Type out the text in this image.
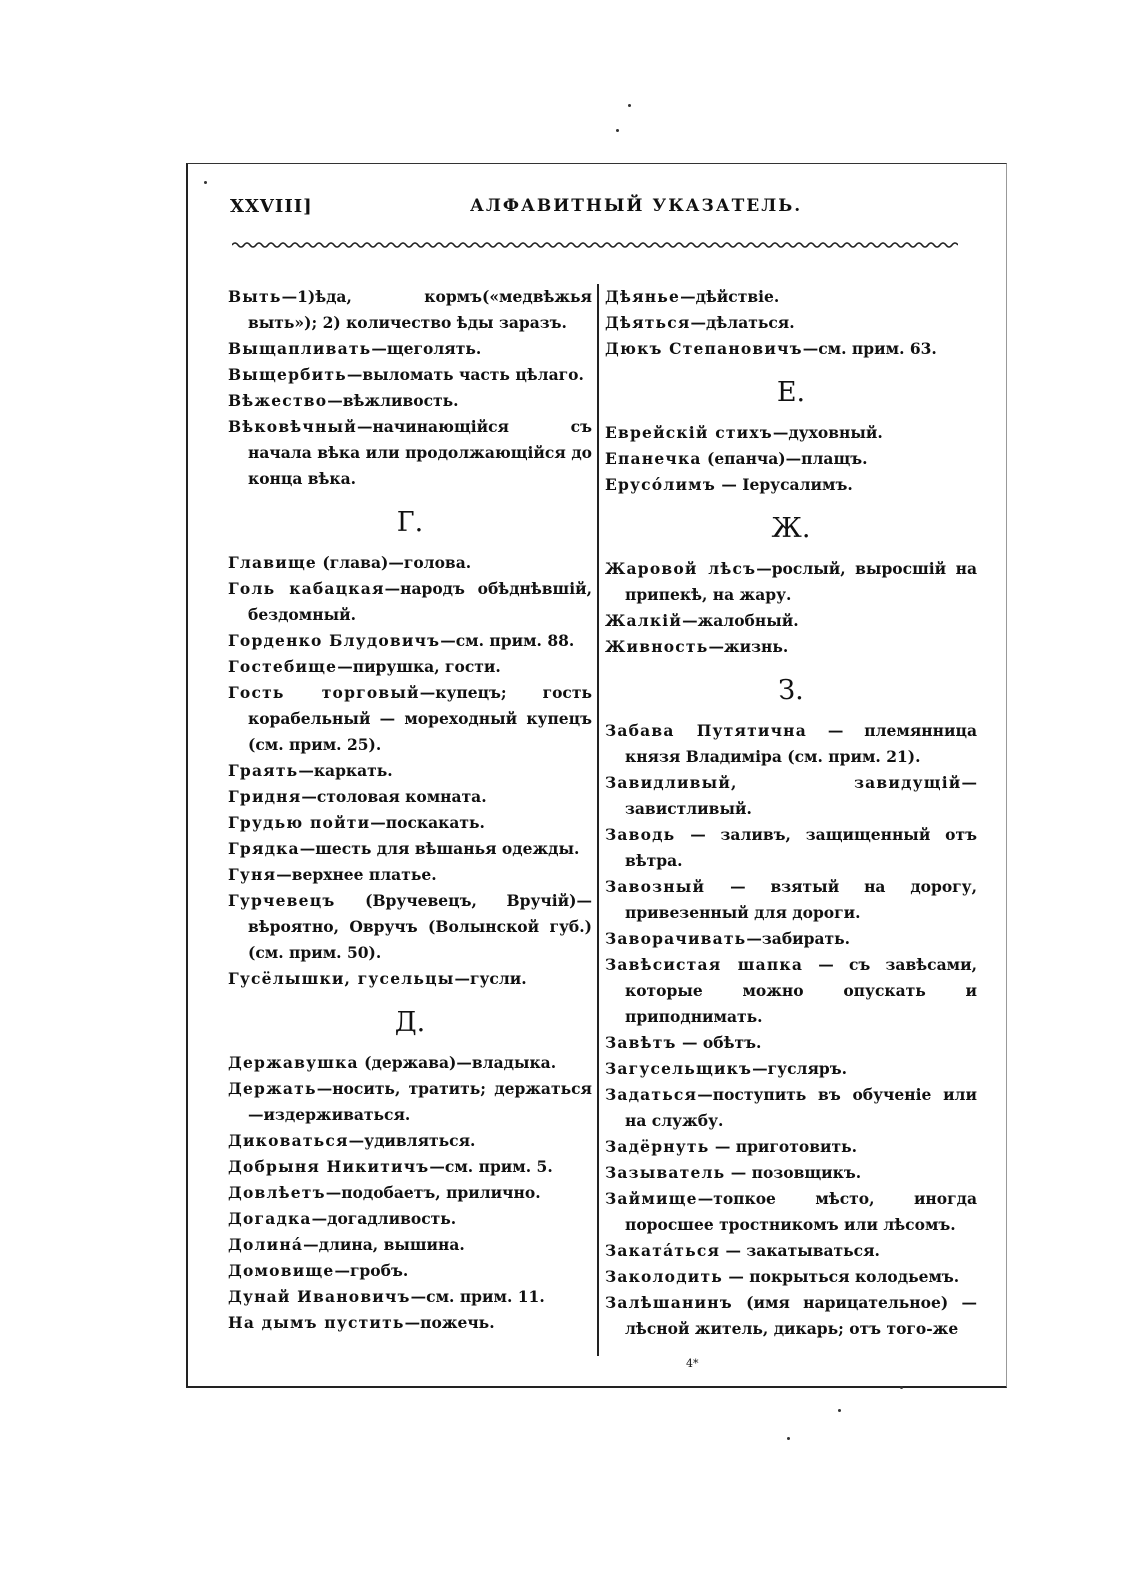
XXVIII]	АЛФАВИТНЫЙ УКАЗАТЕЛЬ.

Выть—1)ѣда, кормъ(«медвѣжья выть»); 2) количество ѣды заразъ.

Выщапливать—щеголять.

Выщербить—выломать часть цѣлаго.

Вѣжество—вѣжливость.

Вѣковѣчный—начинающійся съ начала вѣка или продолжающійся до конца вѣка.

Г.

Главище (глава)—голова.

Голь кабацкая—народъ обѣднѣвшій, бездомный.

Горденко Блудовичъ—см. прим. 88.

Гостебище—пирушка, гости.

Гость торговый—купецъ; гость корабельный — мореходный купецъ (см. прим. 25).

Граять—каркать.

Гридня—столовая комната.

Грудью пойти—поскакать.

Грядка—шесть для вѣшанья одежды.

Гуня—верхнее платье.

Гурчевецъ (Вручевецъ, Вручій)—вѣроятно, Овручъ (Волынской губ.) (см. прим. 50).

Гусёлышки, гусельцы—гусли.

Д.

Державушка (держава)—владыка.

Держать—носить, тратить; держаться—издерживаться.

Диковаться—удивляться.

Добрыня Никитичъ—см. прим. 5.

Довлѣетъ—подобаетъ, прилично.

Догадка—догадливость.

Долина́—длина, вышина.

Домовище—гробъ.

Дунай Ивановичъ—см. прим. 11.

На дымъ пустить—пожечь.

Дѣянье—дѣйствіе.

Дѣяться—дѣлаться.

Дюкъ Степановичъ—см. прим. 63.

Е.

Еврейскій стихъ—духовный.

Епанечка (епанча)—плащъ.

Ерусо́лимъ — Іерусалимъ.

Ж.

Жаровой лѣсъ—рослый, выросшій на припекѣ, на жару.

Жалкій—жалобный.

Живность—жизнь.

З.

Забава Путятична — племянница князя Владиміра (см. прим. 21).

Завидливый, завидущій—завистливый.

Заводь — заливъ, защищенный отъ вѣтра.

Завозный — взятый на дорогу, привезенный для дороги.

Заворачивать—забирать.

Завѣсистая шапка — съ завѣсами, которые можно опускать и приподнимать.

Завѣтъ — обѣтъ.

Загусельщикъ—гусляръ.

Задаться—поступить въ обученіе или на службу.

Задёрнуть — приготовить.

Зазыватель — позовщикъ.

Займище—топкое мѣсто, иногда поросшее тростникомъ или лѣсомъ.

Закатáться — закатываться.

Заколодить — покрыться колодьемъ.

Залѣшанинъ (имя нарицательное) — лѣсной житель, дикарь; отъ того-же

4*
